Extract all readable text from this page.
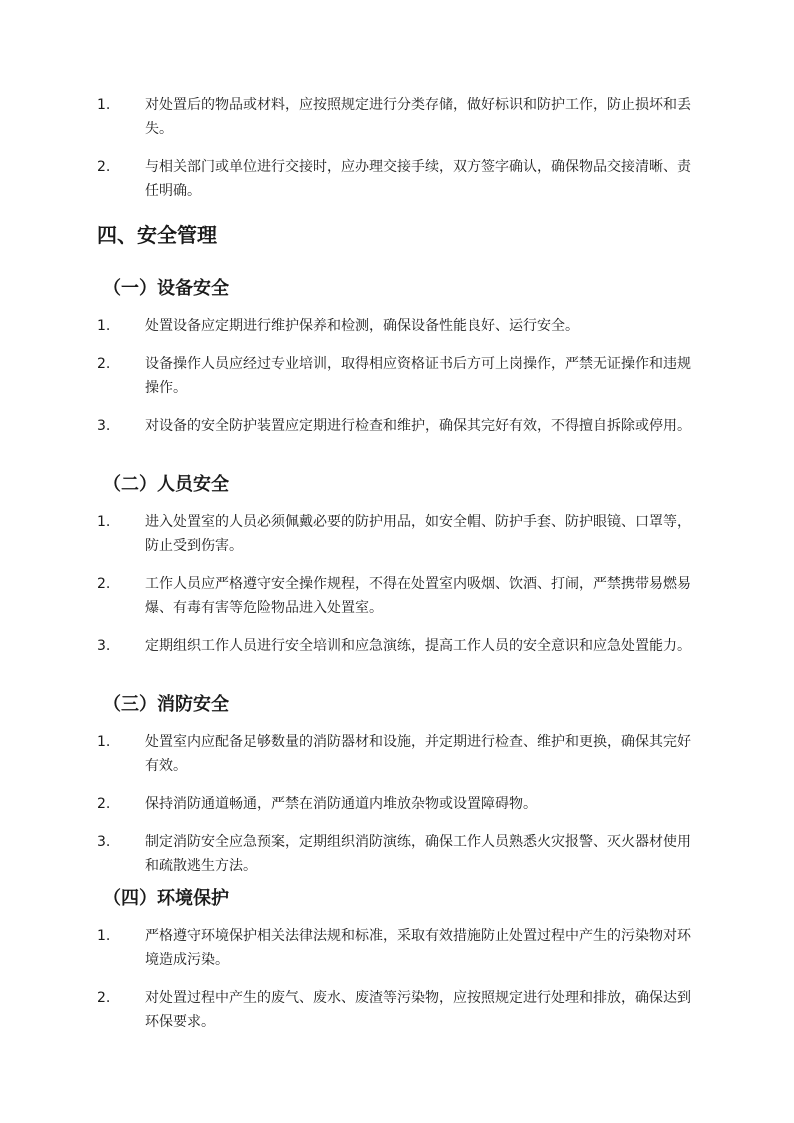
1.	对处置后的物品或材料，应按照规定进行分类存储，做好标识和防护工作，防止损坏和丢失。
2.	与相关部门或单位进行交接时，应办理交接手续，双方签字确认，确保物品交接清晰、责任明确。
四、安全管理
（一）设备安全
1.	处置设备应定期进行维护保养和检测，确保设备性能良好、运行安全。
2.	设备操作人员应经过专业培训，取得相应资格证书后方可上岗操作，严禁无证操作和违规操作。
3.	对设备的安全防护装置应定期进行检查和维护，确保其完好有效，不得擅自拆除或停用。
（二）人员安全
1.	进入处置室的人员必须佩戴必要的防护用品，如安全帽、防护手套、防护眼镜、口罩等，防止受到伤害。
2.	工作人员应严格遵守安全操作规程，不得在处置室内吸烟、饮酒、打闹，严禁携带易燃易爆、有毒有害等危险物品进入处置室。
3.	定期组织工作人员进行安全培训和应急演练，提高工作人员的安全意识和应急处置能力。
（三）消防安全
1.	处置室内应配备足够数量的消防器材和设施，并定期进行检查、维护和更换，确保其完好有效。
2.	保持消防通道畅通，严禁在消防通道内堆放杂物或设置障碍物。
3.	制定消防安全应急预案，定期组织消防演练，确保工作人员熟悉火灾报警、灭火器材使用和疏散逃生方法。
（四）环境保护
1.	严格遵守环境保护相关法律法规和标准，采取有效措施防止处置过程中产生的污染物对环境造成污染。
2.	对处置过程中产生的废气、废水、废渣等污染物，应按照规定进行处理和排放，确保达到环保要求。
